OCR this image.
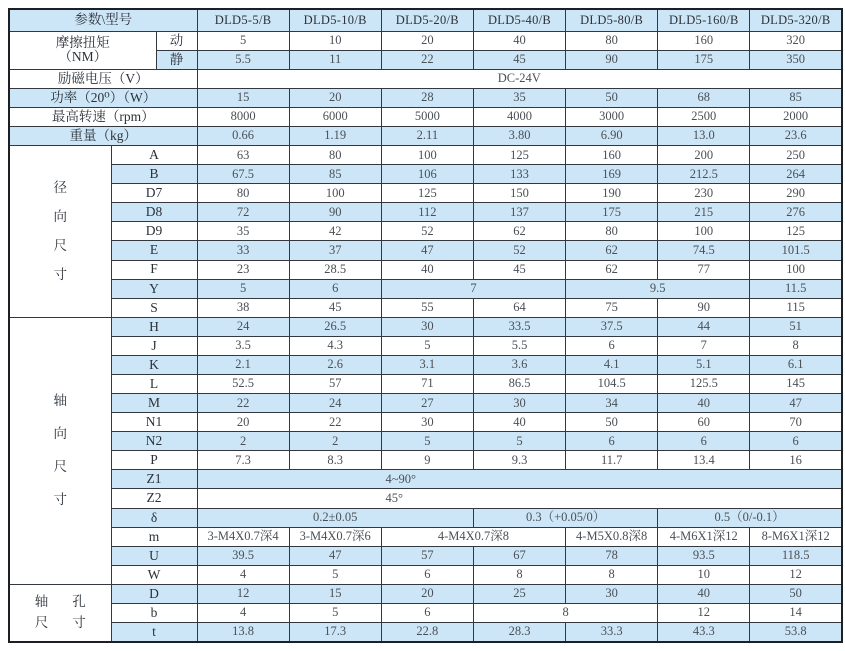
参数\型号			DLD5-5/B	DLD5-10/B	DLD5-20/B	DLD5-40/B	DLD5-80/B	DLD5-160/B	DLD5-320/B

摩擦扭矩
（NM）		动	5	10	20	40	80	160	320
		静	5.5	11	22	45	90	175	350
励磁电压（V）			DC-24V						
功率（20⁰）（W）			15	20	28	35	50	68	85
最高转速（rpm）			8000	6000	5000	4000	3000	2500	2000
重量（kg）			0.66	1.19	2.11	3.80	6.90	13.0	23.6

径
向
尺
寸	A		63	80	100	125	160	200	250
	B		67.5	85	106	133	169	212.5	264
	D7		80	100	125	150	190	230	290
	D8		72	90	112	137	175	215	276
	D9		35	42	52	62	80	100	125
	E		33	37	47	52	62	74.5	101.5
	F		23	28.5	40	45	62	77	100
	Y		5	6	7		9.5		11.5
	S		38	45	55	64	75	90	115

轴
向
尺
寸	H		24	26.5	30	33.5	37.5	44	51
	J		3.5	4.3	5	5.5	6	7	8
	K		2.1	2.6	3.1	3.6	4.1	5.1	6.1
	L		52.5	57	71	86.5	104.5	125.5	145
	M		22	24	27	30	34	40	47
	N1		20	22	30	40	50	60	70
	N2		2	2	5	5	6	6	6
	P		7.3	8.3	9	9.3	11.7	13.4	16
	Z1		4~90°						
	Z2		45°						
	δ		0.2±0.05			0.3（+0.05/0）		0.5（0/-0.1）	
	m		3-M4X0.7深4	3-M4X0.7深6	4-M4X0.7深8		4-M5X0.8深8	4-M6X1深12	8-M6X1深12
	U		39.5	47	57	67	78	93.5	118.5
	W		4	5	6	8	8	10	12

轴 孔
尺 寸	D		12	15	20	25	30	40	50
	b		4	5	6	8		12	14
	t		13.8	17.3	22.8	28.3	33.3	43.3	53.8
